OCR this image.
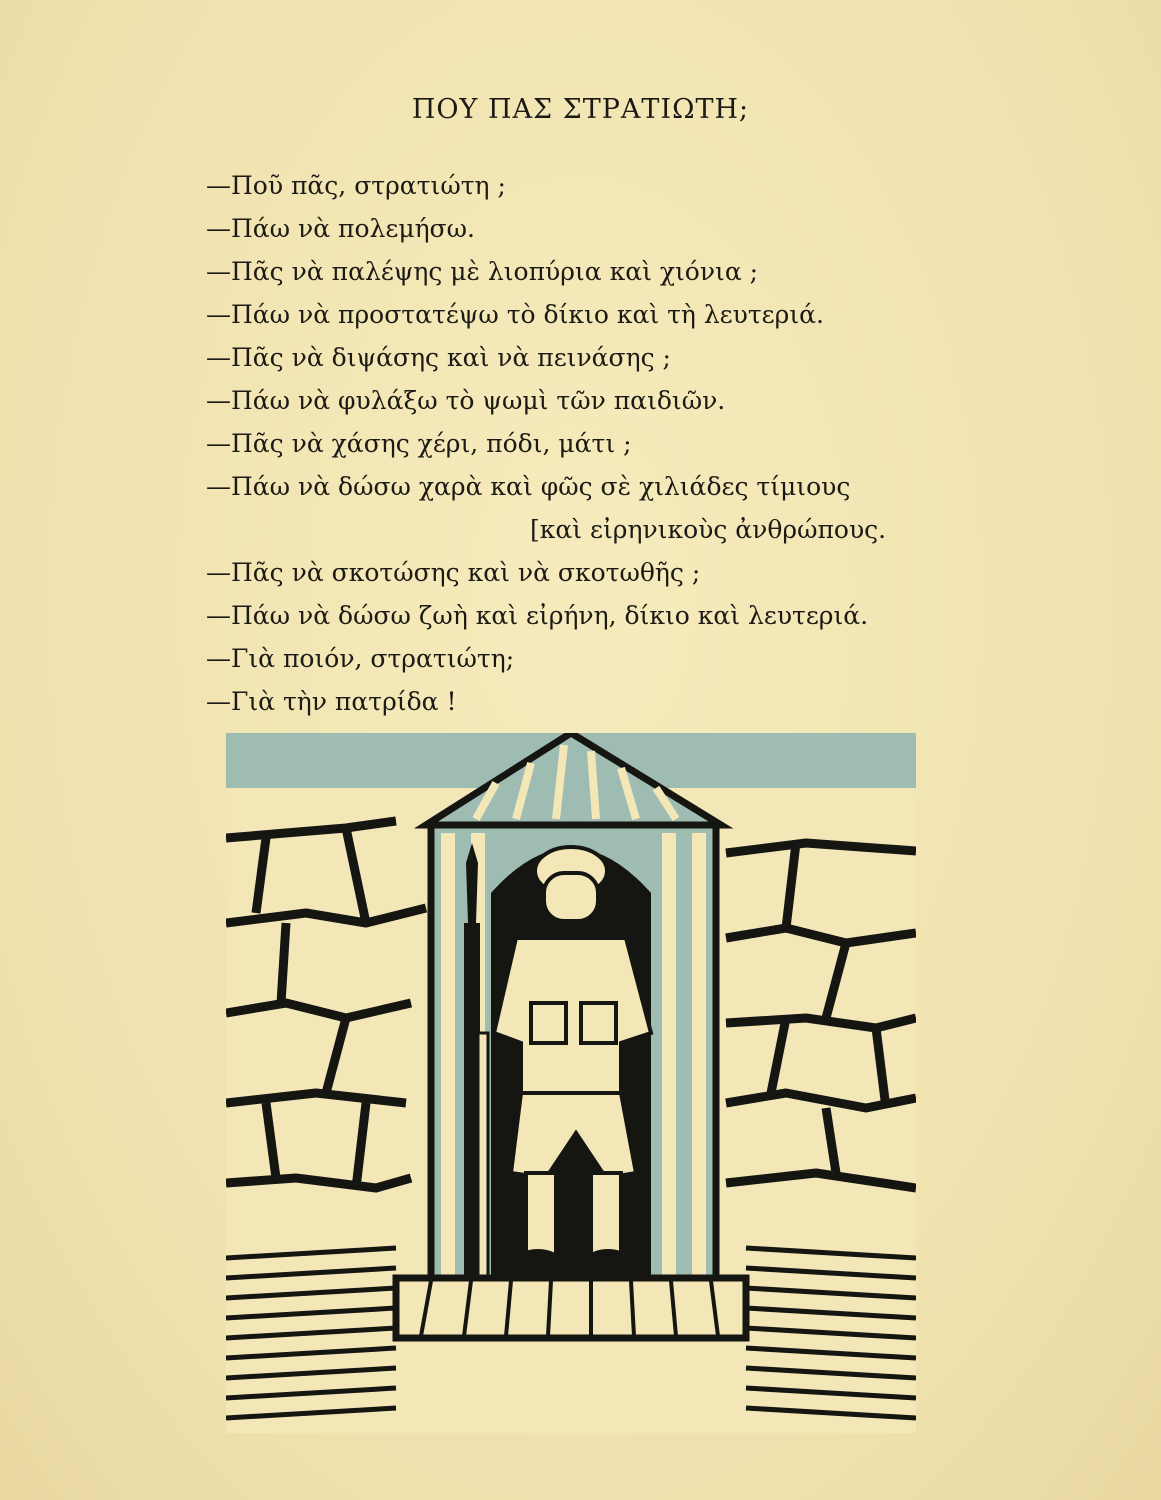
ΠΟΥ ΠΑΣ ΣΤΡΑΤΙΩΤΗ;
—Ποῦ πᾶς, στρατιώτη ;
—Πάω νὰ πολεμήσω.
—Πᾶς νὰ παλέψης μὲ λιοπύρια καὶ χιόνια ;
—Πάω νὰ προστατέψω τὸ δίκιο καὶ τὴ λευτεριά.
—Πᾶς νὰ διψάσης καὶ νὰ πεινάσης ;
—Πάω νὰ φυλάξω τὸ ψωμὶ τῶν παιδιῶν.
—Πᾶς νὰ χάσης χέρι, πόδι, μάτι ;
—Πάω νὰ δώσω χαρὰ καὶ φῶς σὲ χιλιάδες τίμιους
[καὶ εἰρηνικοὺς ἀνθρώπους.
—Πᾶς νὰ σκοτώσης καὶ νὰ σκοτωθῆς ;
—Πάω νὰ δώσω ζωὴ καὶ εἰρήνη, δίκιο καὶ λευτεριά.
—Γιὰ ποιόν, στρατιώτη;
—Γιὰ τὴν πατρίδα !
